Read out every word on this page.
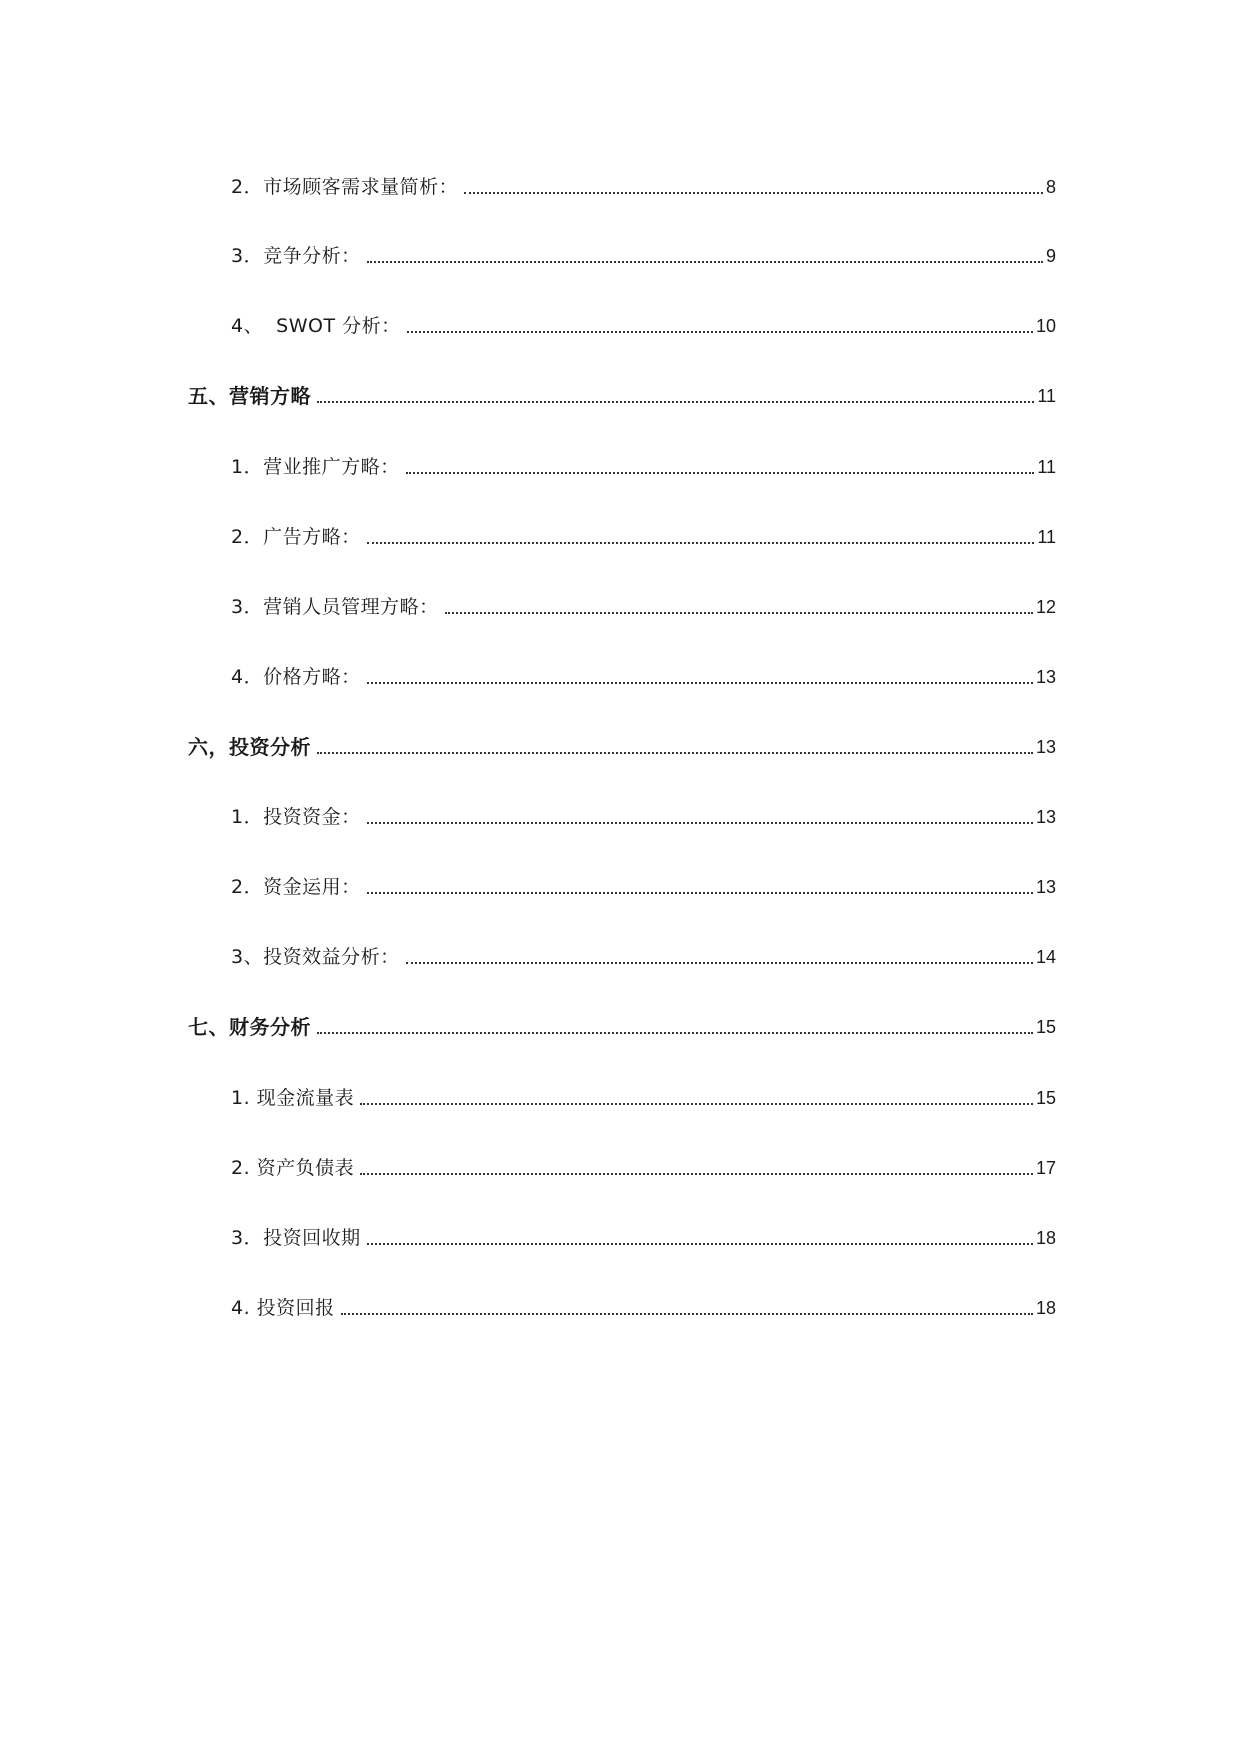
2．市场顾客需求量简析：	8
3．竞争分析：	9
4、  SWOT 分析：	10
五、营销方略	11
1．营业推广方略：	11
2．广告方略：	11
3．营销人员管理方略：	12
4．价格方略：	13
六，投资分析	13
1．投资资金：	13
2．资金运用：	13
3、投资效益分析：	14
七、财务分析	15
1. 现金流量表	15
2. 资产负债表	17
3．投资回收期	18
4. 投资回报	18
